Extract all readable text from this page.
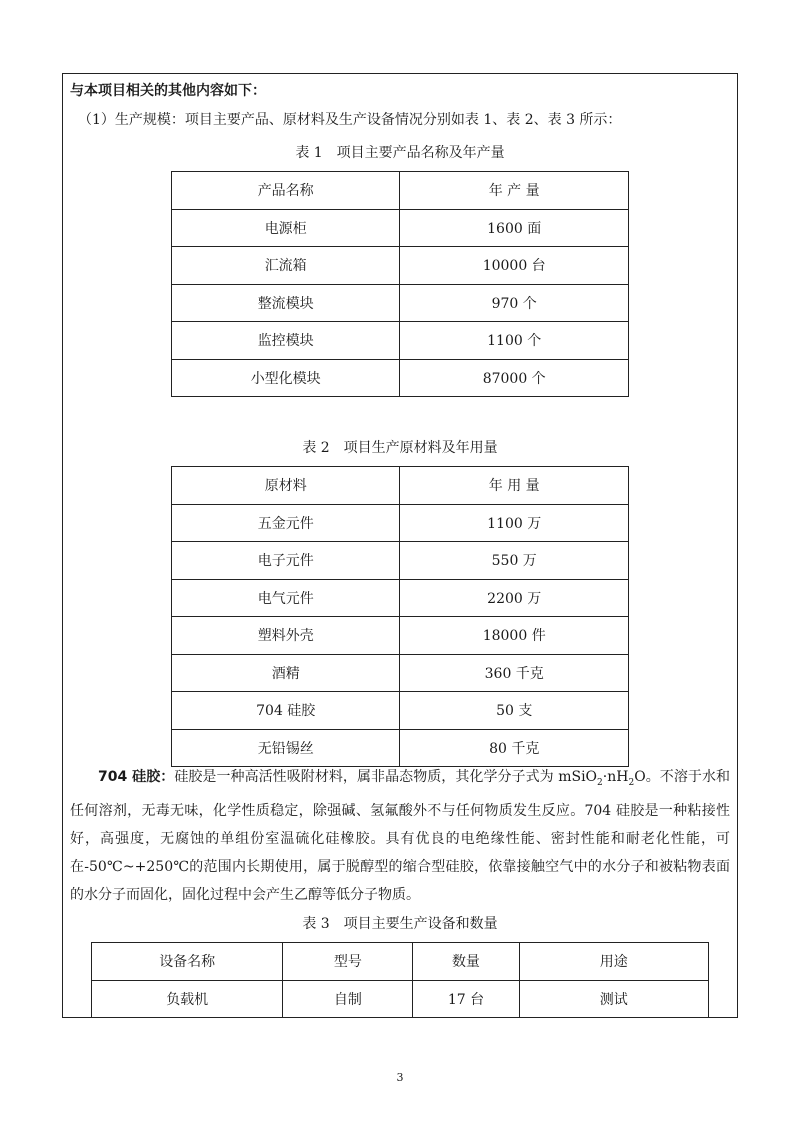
与本项目相关的其他内容如下：
（1）生产规模：项目主要产品、原材料及生产设备情况分别如表 1、表 2、表 3 所示：
表 1　项目主要产品名称及年产量
产品名称	年 产 量
电源柜	1600 面
汇流箱	10000 台
整流模块	970 个
监控模块	1100 个
小型化模块	87000 个
表 2　项目生产原材料及年用量
原材料	年 用 量
五金元件	1100 万
电子元件	550 万
电气元件	2200 万
塑料外壳	18000 件
酒精	360 千克
704 硅胶	50 支
无铅锡丝	80 千克
704 硅胶：硅胶是一种高活性吸附材料，属非晶态物质，其化学分子式为 $mSiO_2\cdot nH_2O$。不溶于水和任何溶剂，无毒无味，化学性质稳定，除强碱、氢氟酸外不与任何物质发生反应。704 硅胶是一种粘接性好，高强度，无腐蚀的单组份室温硫化硅橡胶。具有优良的电绝缘性能、密封性能和耐老化性能，可在-50℃~+250℃的范围内长期使用，属于脱醇型的缩合型硅胶，依靠接触空气中的水分子和被粘物表面的水分子而固化，固化过程中会产生乙醇等低分子物质。
表 3　项目主要生产设备和数量
设备名称	型号	数量	用途
负载机	自制	17 台	测试
3
